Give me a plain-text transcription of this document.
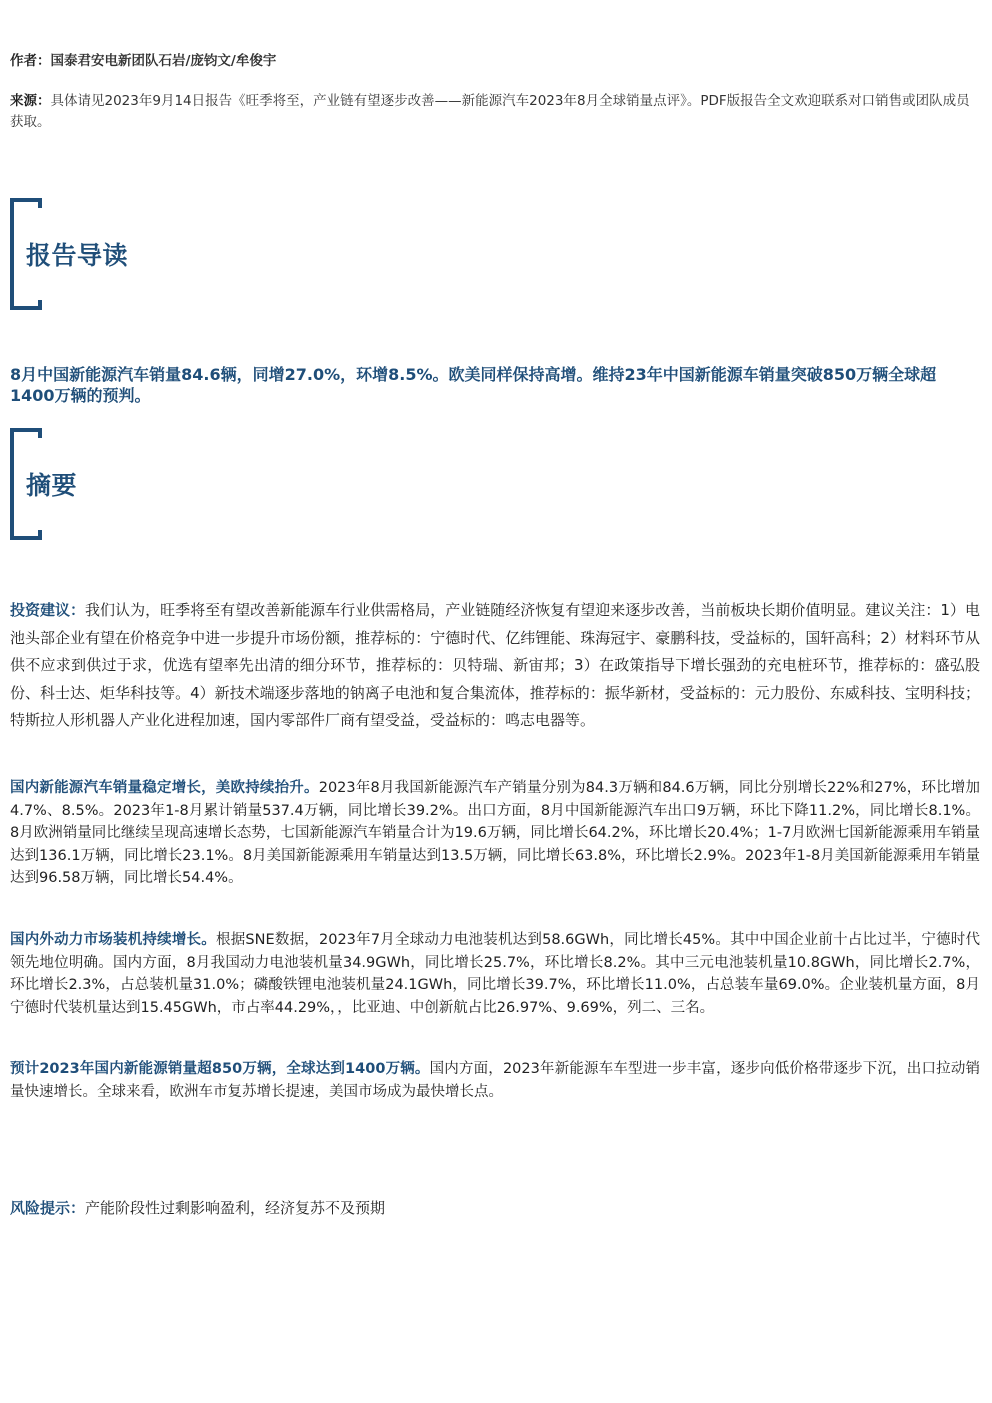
作者：国泰君安电新团队石岩/庞钧文/牟俊宇
来源：具体请见2023年9月14日报告《旺季将至，产业链有望逐步改善——新能源汽车2023年8月全球销量点评》。PDF版报告全文欢迎联系对口销售或团队成员获取。
报告导读
8月中国新能源汽车销量84.6辆，同增27.0%，环增8.5%。欧美同样保持高增。维持23年中国新能源车销量突破850万辆全球超1400万辆的预判。
摘要
投资建议：我们认为，旺季将至有望改善新能源车行业供需格局，产业链随经济恢复有望迎来逐步改善，当前板块长期价值明显。建议关注：1）电池头部企业有望在价格竞争中进一步提升市场份额，推荐标的：宁德时代、亿纬锂能、珠海冠宇、豪鹏科技，受益标的，国轩高科；2）材料环节从供不应求到供过于求，优选有望率先出清的细分环节，推荐标的：贝特瑞、新宙邦；3）在政策指导下增长强劲的充电桩环节，推荐标的：盛弘股份、科士达、炬华科技等。4）新技术端逐步落地的钠离子电池和复合集流体，推荐标的：振华新材，受益标的：元力股份、东威科技、宝明科技；特斯拉人形机器人产业化进程加速，国内零部件厂商有望受益，受益标的：鸣志电器等。
国内新能源汽车销量稳定增长，美欧持续抬升。2023年8月我国新能源汽车产销量分别为84.3万辆和84.6万辆，同比分别增长22%和27%，环比增加4.7%、8.5%。2023年1-8月累计销量537.4万辆，同比增长39.2%。出口方面，8月中国新能源汽车出口9万辆，环比下降11.2%，同比增长8.1%。8月欧洲销量同比继续呈现高速增长态势，七国新能源汽车销量合计为19.6万辆，同比增长64.2%，环比增长20.4%；1-7月欧洲七国新能源乘用车销量达到136.1万辆，同比增长23.1%。8月美国新能源乘用车销量达到13.5万辆，同比增长63.8%，环比增长2.9%。2023年1-8月美国新能源乘用车销量达到96.58万辆，同比增长54.4%。
国内外动力市场装机持续增长。根据SNE数据，2023年7月全球动力电池装机达到58.6GWh，同比增长45%。其中中国企业前十占比过半，宁德时代领先地位明确。国内方面，8月我国动力电池装机量34.9GWh，同比增长25.7%，环比增长8.2%。其中三元电池装机量10.8GWh，同比增长2.7%，环比增长2.3%，占总装机量31.0%；磷酸铁锂电池装机量24.1GWh，同比增长39.7%，环比增长11.0%，占总装车量69.0%。企业装机量方面，8月宁德时代装机量达到15.45GWh，市占率44.29%，，比亚迪、中创新航占比26.97%、9.69%，列二、三名。
预计2023年国内新能源销量超850万辆，全球达到1400万辆。国内方面，2023年新能源车车型进一步丰富，逐步向低价格带逐步下沉，出口拉动销量快速增长。全球来看，欧洲车市复苏增长提速，美国市场成为最快增长点。
风险提示：产能阶段性过剩影响盈利，经济复苏不及预期
